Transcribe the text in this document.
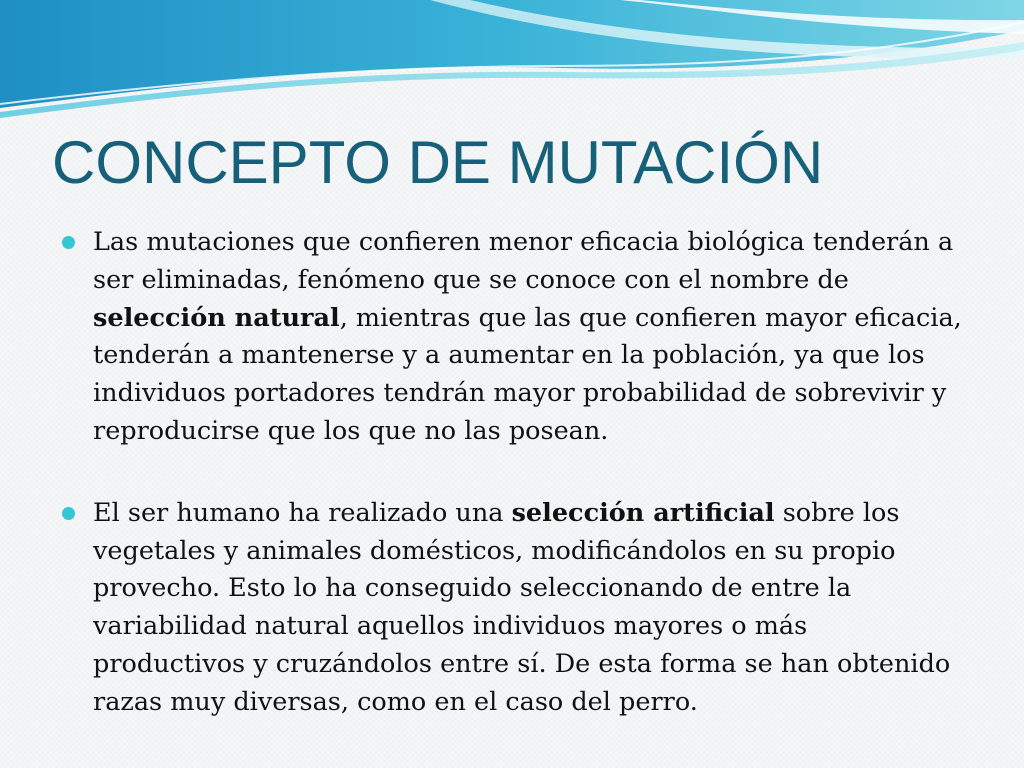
CONCEPTO DE MUTACIÓN
Las mutaciones que confieren menor eficacia biológica tenderán a ser eliminadas, fenómeno que se conoce con el nombre de selección natural, mientras que las que confieren mayor eficacia, tenderán a mantenerse y a aumentar en la población, ya que los individuos portadores tendrán mayor probabilidad de sobrevivir y reproducirse que los que no las posean.
El ser humano ha realizado una selección artificial sobre los vegetales y animales domésticos, modificándolos en su propio provecho. Esto lo ha conseguido seleccionando de entre la variabilidad natural aquellos individuos mayores o más productivos y cruzándolos entre sí. De esta forma se han obtenido razas muy diversas, como en el caso del perro.
